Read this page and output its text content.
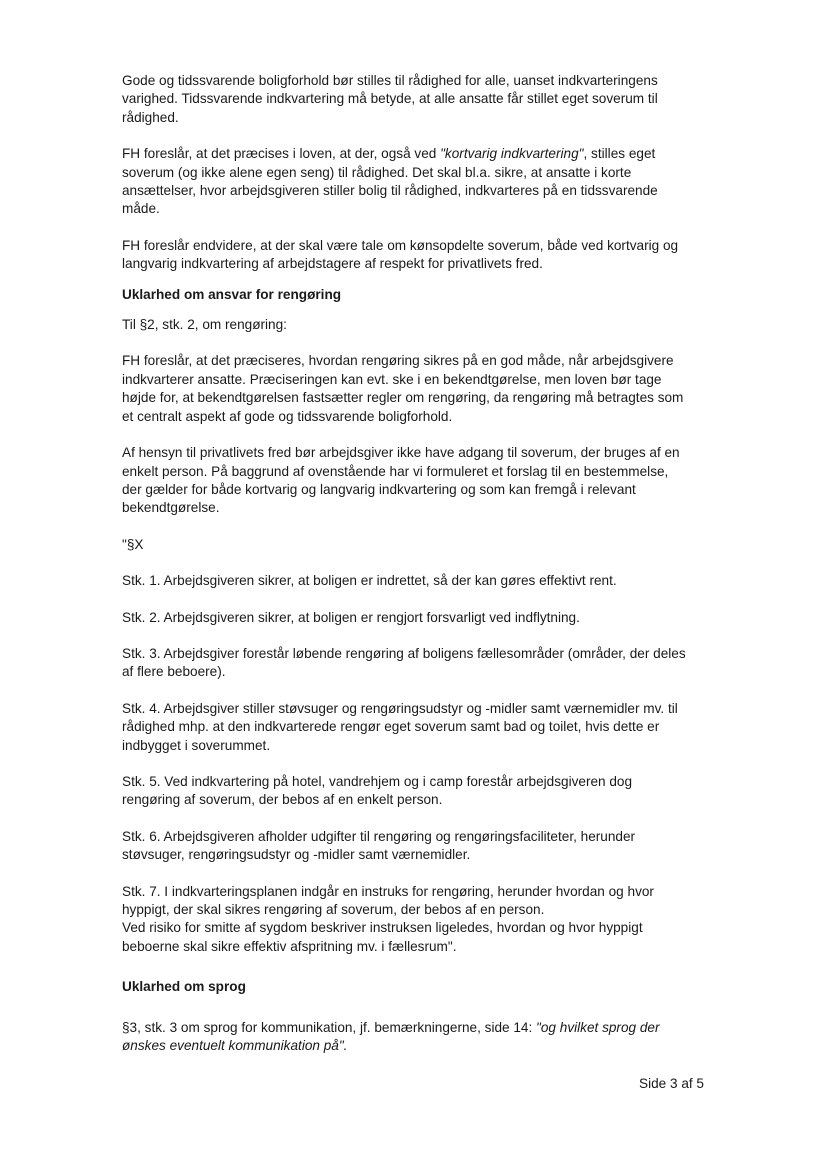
Gode og tidssvarende boligforhold bør stilles til rådighed for alle, uanset indkvarteringens
varighed. Tidssvarende indkvartering må betyde, at alle ansatte får stillet eget soverum til
rådighed.

FH foreslår, at det præcises i loven, at der, også ved "kortvarig indkvartering", stilles eget
soverum (og ikke alene egen seng) til rådighed. Det skal bl.a. sikre, at ansatte i korte
ansættelser, hvor arbejdsgiveren stiller bolig til rådighed, indkvarteres på en tidssvarende
måde.

FH foreslår endvidere, at der skal være tale om kønsopdelte soverum, både ved kortvarig og
langvarig indkvartering af arbejdstagere af respekt for privatlivets fred.

Uklarhed om ansvar for rengøring

Til §2, stk. 2, om rengøring:

FH foreslår, at det præciseres, hvordan rengøring sikres på en god måde, når arbejdsgivere
indkvarterer ansatte. Præciseringen kan evt. ske i en bekendtgørelse, men loven bør tage
højde for, at bekendtgørelsen fastsætter regler om rengøring, da rengøring må betragtes som
et centralt aspekt af gode og tidssvarende boligforhold.

Af hensyn til privatlivets fred bør arbejdsgiver ikke have adgang til soverum, der bruges af en
enkelt person. På baggrund af ovenstående har vi formuleret et forslag til en bestemmelse,
der gælder for både kortvarig og langvarig indkvartering og som kan fremgå i relevant
bekendtgørelse.

"§X

Stk. 1. Arbejdsgiveren sikrer, at boligen er indrettet, så der kan gøres effektivt rent.

Stk. 2. Arbejdsgiveren sikrer, at boligen er rengjort forsvarligt ved indflytning.

Stk. 3. Arbejdsgiver forestår løbende rengøring af boligens fællesområder (områder, der deles
af flere beboere).

Stk. 4. Arbejdsgiver stiller støvsuger og rengøringsudstyr og -midler samt værnemidler mv. til
rådighed mhp. at den indkvarterede rengør eget soverum samt bad og toilet, hvis dette er
indbygget i soverummet.

Stk. 5. Ved indkvartering på hotel, vandrehjem og i camp forestår arbejdsgiveren dog
rengøring af soverum, der bebos af en enkelt person.

Stk. 6. Arbejdsgiveren afholder udgifter til rengøring og rengøringsfaciliteter, herunder
støvsuger, rengøringsudstyr og -midler samt værnemidler.

Stk. 7. I indkvarteringsplanen indgår en instruks for rengøring, herunder hvordan og hvor
hyppigt, der skal sikres rengøring af soverum, der bebos af en person.
Ved risiko for smitte af sygdom beskriver instruksen ligeledes, hvordan og hvor hyppigt
beboerne skal sikre effektiv afspritning mv. i fællesrum".

Uklarhed om sprog

§3, stk. 3 om sprog for kommunikation, jf. bemærkningerne, side 14: "og hvilket sprog der
ønskes eventuelt kommunikation på".

Side 3 af 5
